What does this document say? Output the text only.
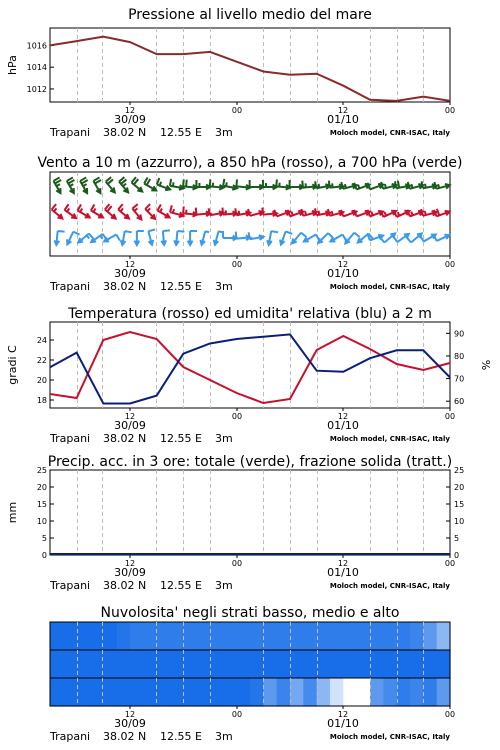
Pressione al livello medio del mare
12	00	12	00
30/09	01/10
Trapani 38.02 N 12.55 E 3m	Moloch model, CNR-ISAC, Italy
1012
1014
1016
hPa
Vento a 10 m (azzurro), a 850 hPa (rosso), a 700 hPa (verde)
12	00	12	00
30/09	01/10
Trapani 38.02 N 12.55 E 3m	Moloch model, CNR-ISAC, Italy
Temperatura (rosso) ed umidita' relativa (blu) a 2 m
12	00	12	00
30/09	01/10
Trapani 38.02 N 12.55 E 3m	Moloch model, CNR-ISAC, Italy
18
20
22
24
60
70
80
90
gradi C	%
Precip. acc. in 3 ore: totale (verde), frazione solida (tratt.)
12	00	12	00
30/09	01/10
Trapani 38.02 N 12.55 E 3m	Moloch model, CNR-ISAC, Italy
0
5
10
15
20
25
0
5
10
15
20
25
mm
Nuvolosita' negli strati basso, medio e alto
12	00	12	00
30/09	01/10
Trapani 38.02 N 12.55 E 3m	Moloch model, CNR-ISAC, Italy
